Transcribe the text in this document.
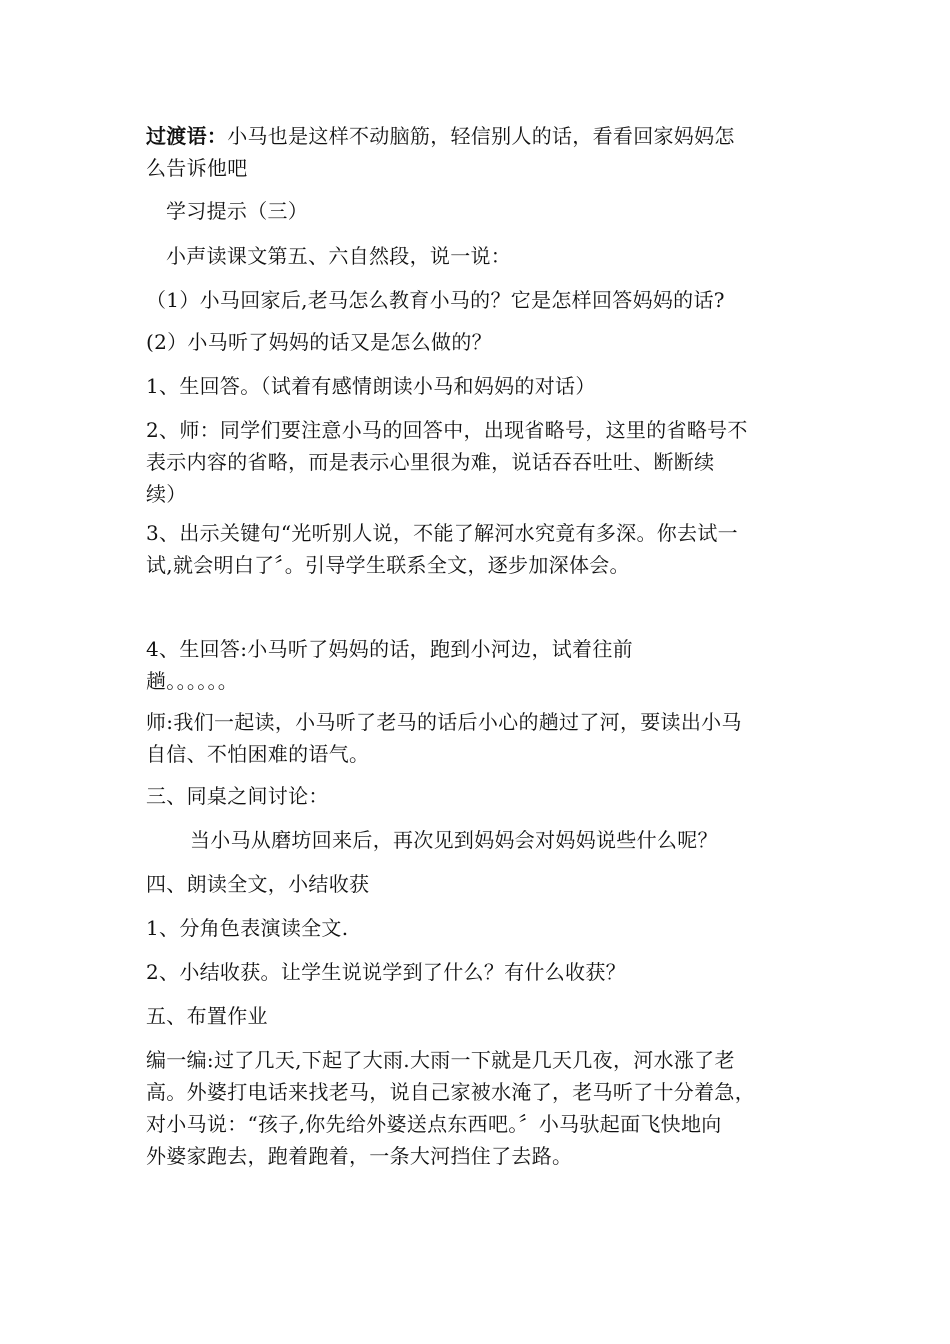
过渡语：小马也是这样不动脑筋，轻信别人的话，看看回家妈妈怎
么告诉他吧
学习提示（三）
小声读课文第五、六自然段，说一说：
（1）小马回家后,老马怎么教育小马的？它是怎样回答妈妈的话?
(2）小马听了妈妈的话又是怎么做的？
1、生回答。（试着有感情朗读小马和妈妈的对话）
2、师：同学们要注意小马的回答中，出现省略号，这里的省略号不
表示内容的省略，而是表示心里很为难，说话吞吞吐吐、断断续
续）
3、出示关键句“光听别人说，不能了解河水究竟有多深。你去试一
试,就会明白了〞。引导学生联系全文，逐步加深体会。
4、生回答:小马听了妈妈的话，跑到小河边，试着往前
趟。。。。。。
师:我们一起读，小马听了老马的话后小心的趟过了河，要读出小马
自信、不怕困难的语气。
三、同桌之间讨论：
当小马从磨坊回来后，再次见到妈妈会对妈妈说些什么呢？
四、朗读全文，小结收获
1、分角色表演读全文.
2、小结收获。让学生说说学到了什么？有什么收获？
五、布置作业
编一编:过了几天,下起了大雨.大雨一下就是几天几夜，河水涨了老
高。外婆打电话来找老马，说自己家被水淹了，老马听了十分着急，
对小马说：“孩子,你先给外婆送点东西吧。〞小马驮起面飞快地向
外婆家跑去，跑着跑着，一条大河挡住了去路。
